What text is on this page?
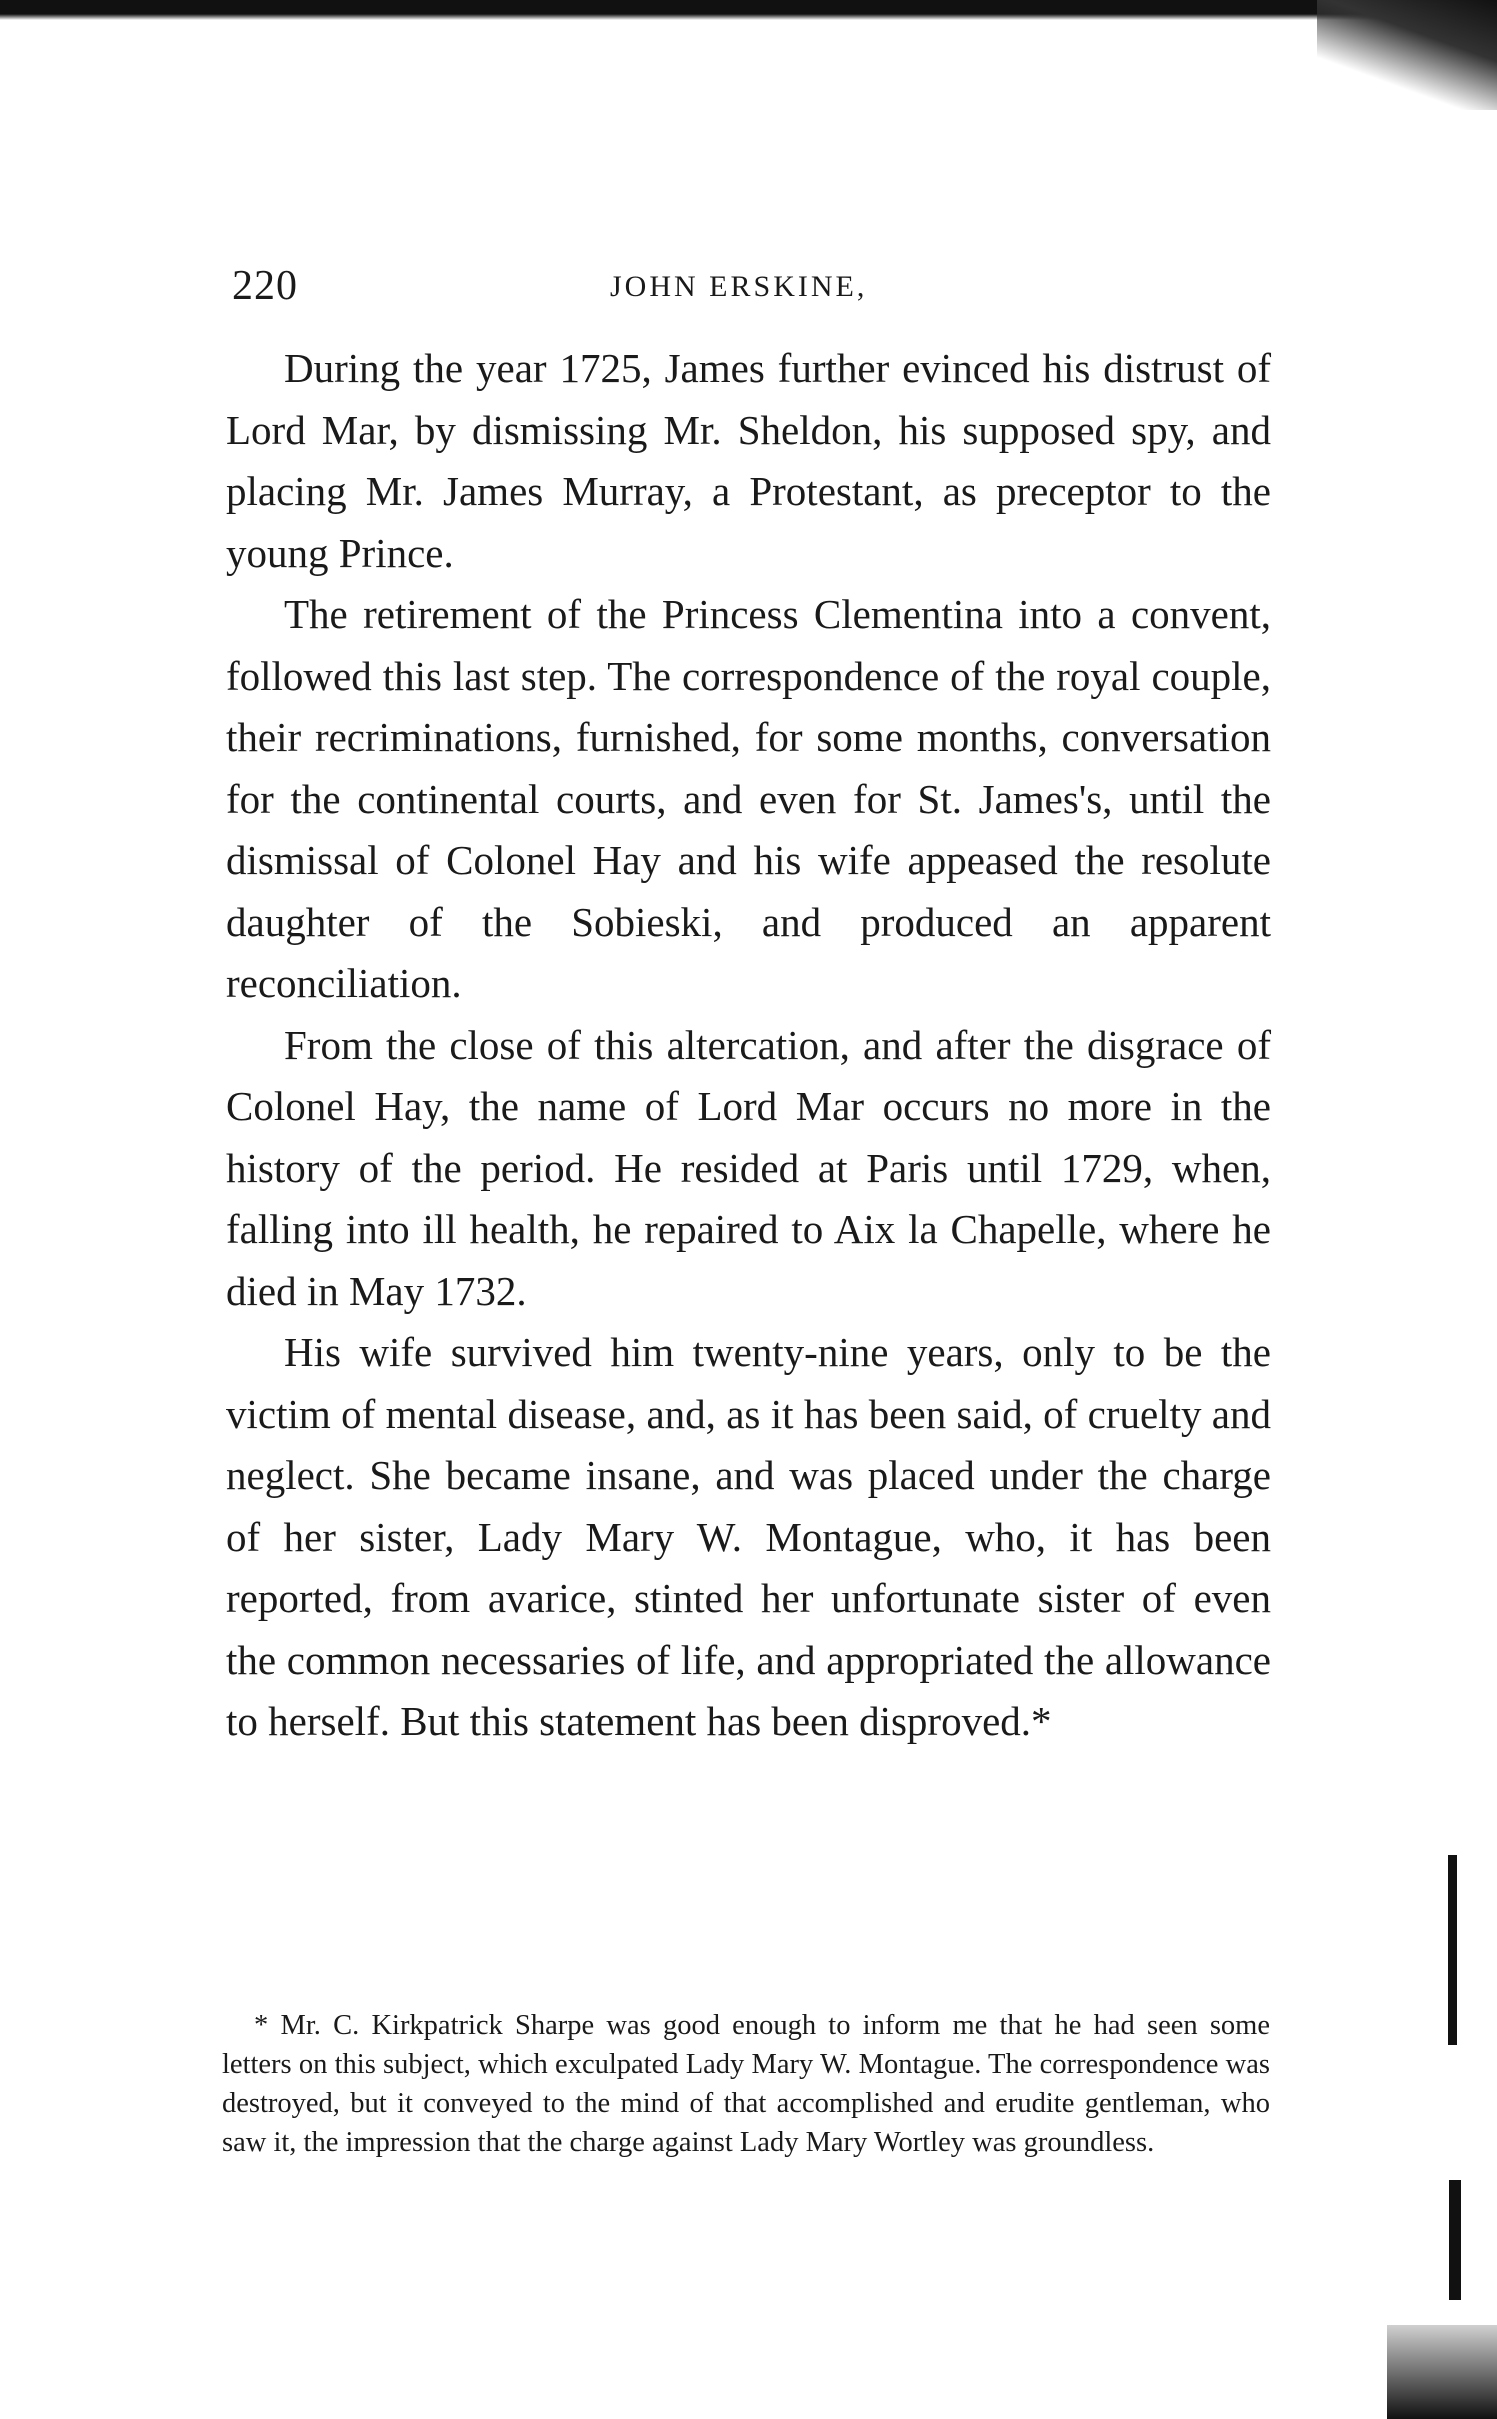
220	JOHN ERSKINE,

During the year 1725, James further evinced his distrust of Lord Mar, by dismissing Mr. Sheldon, his supposed spy, and placing Mr. James Murray, a Protestant, as preceptor to the young Prince.

The retirement of the Princess Clementina into a convent, followed this last step. The correspondence of the royal couple, their recriminations, furnished, for some months, conversation for the continental courts, and even for St. James's, until the dismissal of Colonel Hay and his wife appeased the resolute daughter of the Sobieski, and produced an apparent reconciliation.

From the close of this altercation, and after the disgrace of Colonel Hay, the name of Lord Mar occurs no more in the history of the period. He resided at Paris until 1729, when, falling into ill health, he repaired to Aix la Chapelle, where he died in May 1732.

His wife survived him twenty-nine years, only to be the victim of mental disease, and, as it has been said, of cruelty and neglect. She became insane, and was placed under the charge of her sister, Lady Mary W. Montague, who, it has been reported, from avarice, stinted her unfortunate sister of even the common necessaries of life, and appropriated the allowance to herself. But this statement has been disproved.*

* Mr. C. Kirkpatrick Sharpe was good enough to inform me that he had seen some letters on this subject, which exculpated Lady Mary W. Montague. The correspondence was destroyed, but it conveyed to the mind of that accomplished and erudite gentleman, who saw it, the impression that the charge against Lady Mary Wortley was groundless.
